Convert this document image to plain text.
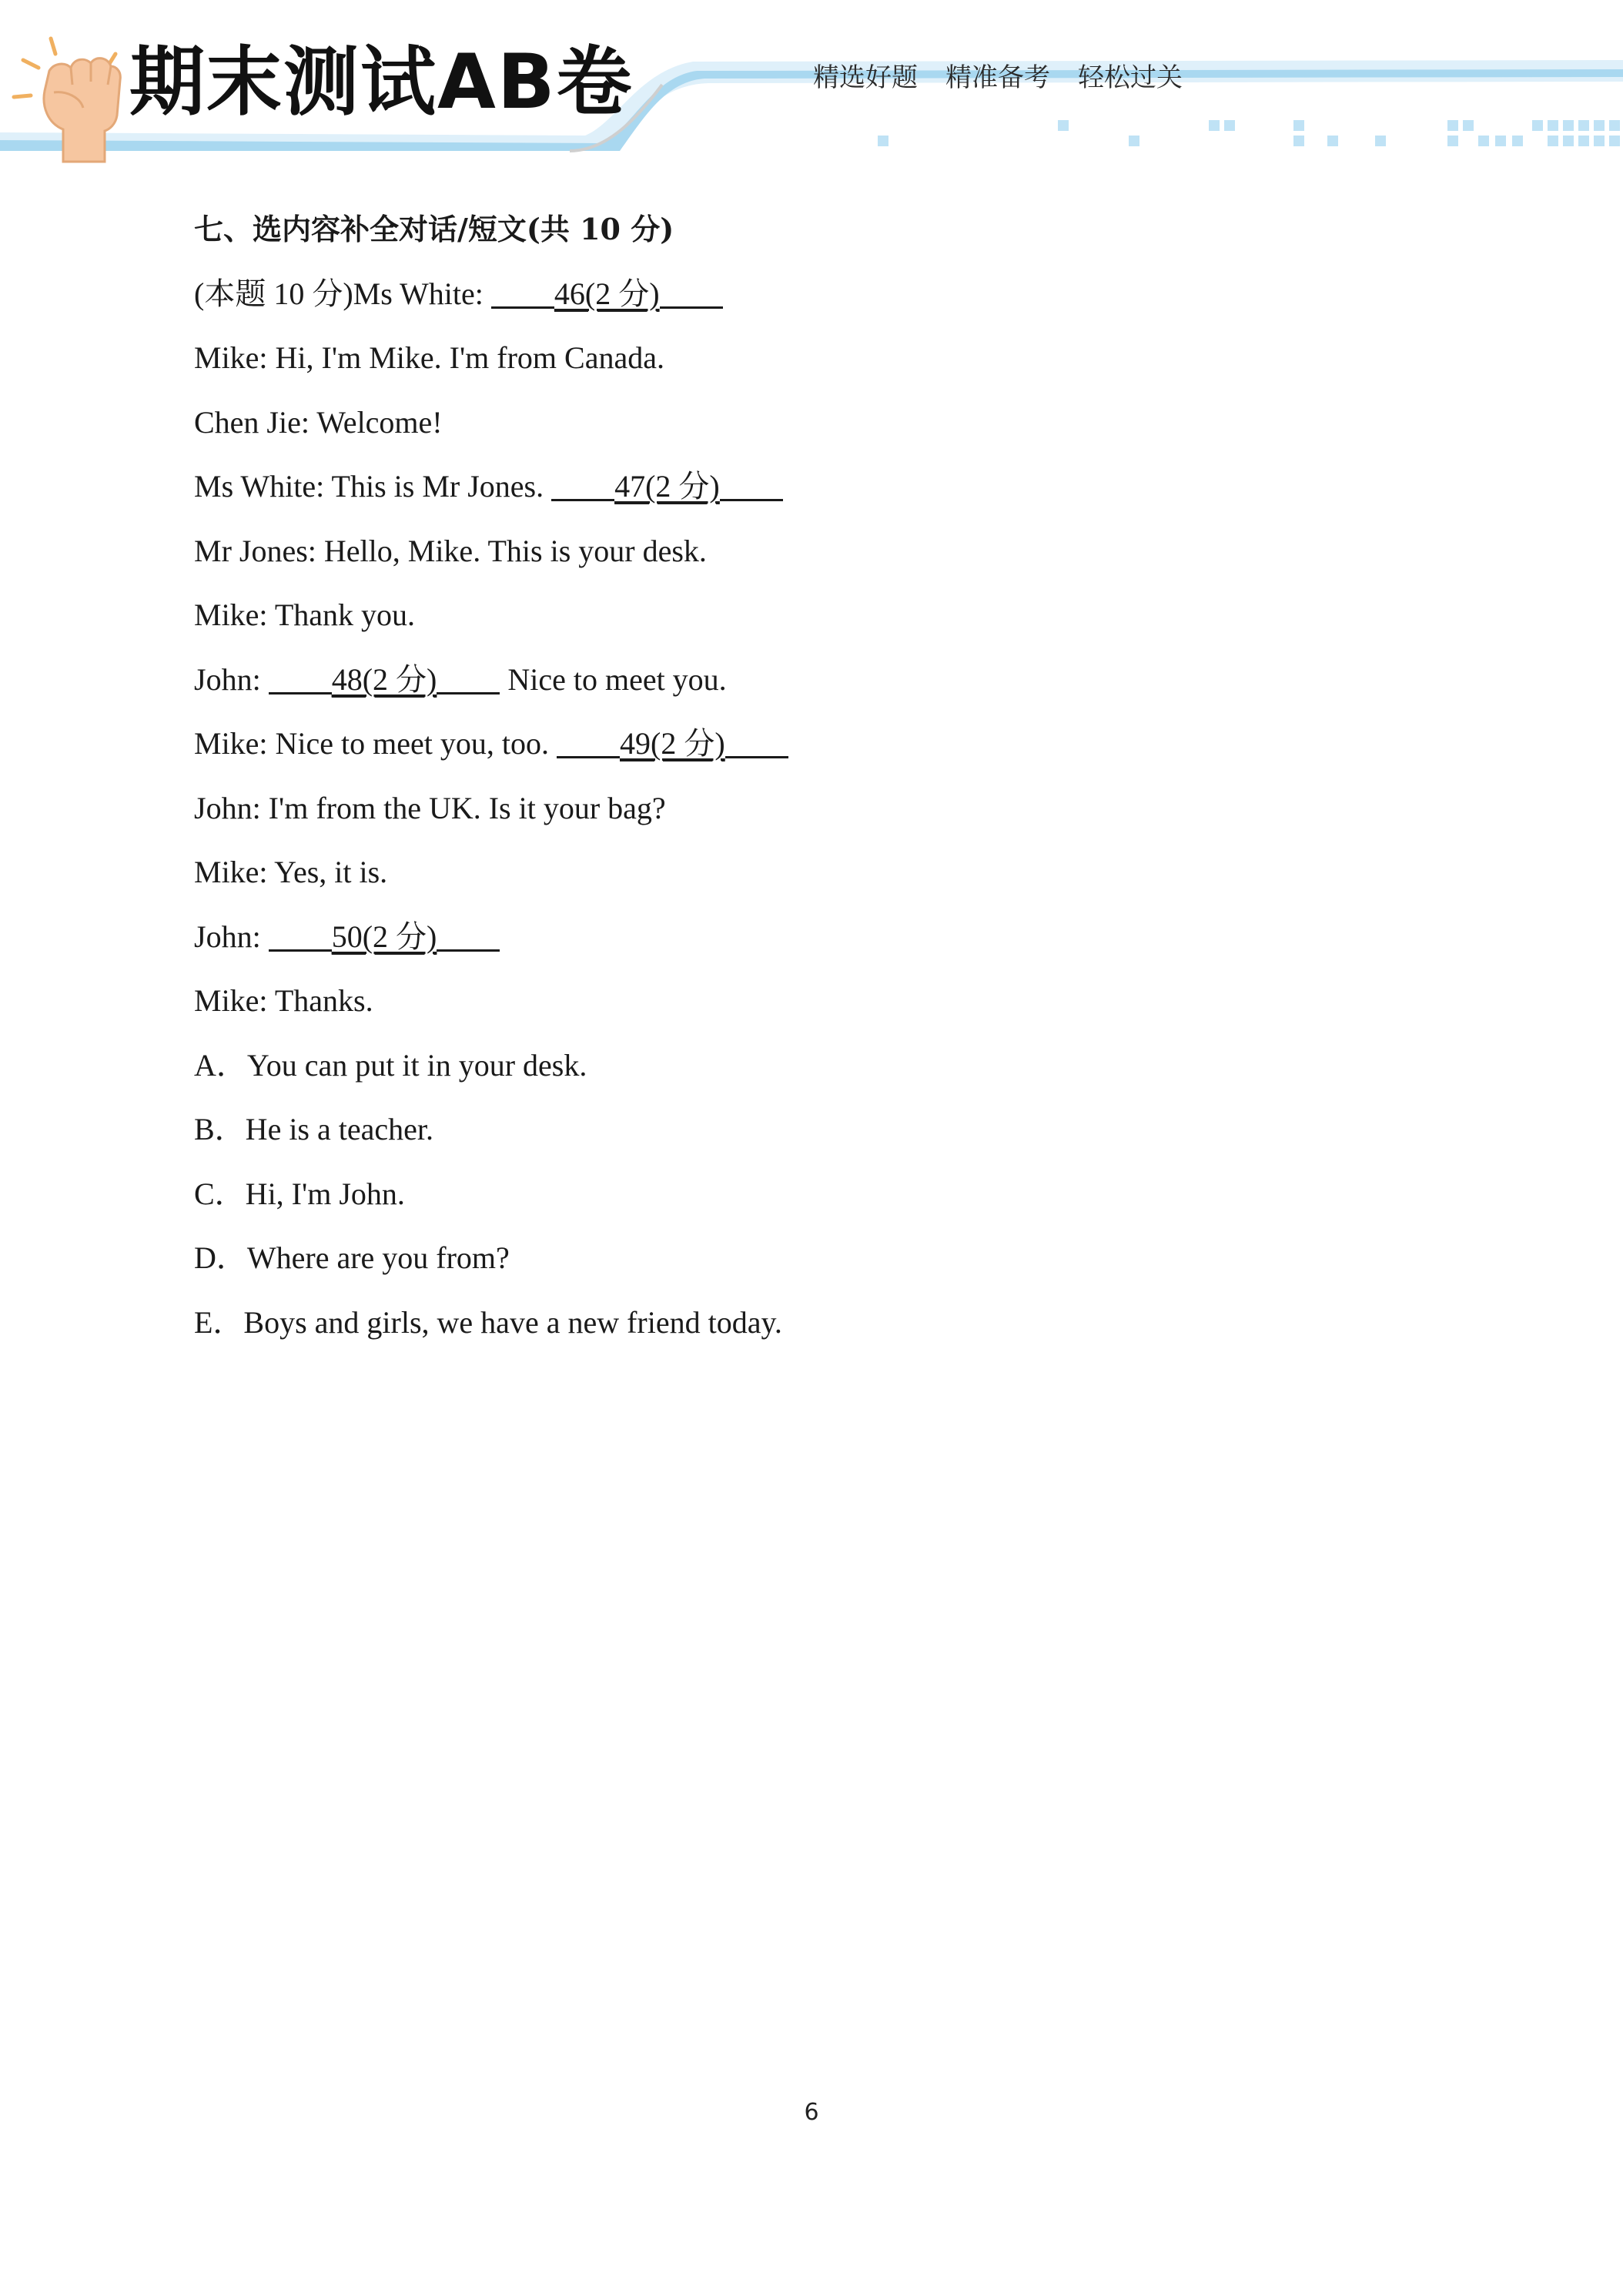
期末测试AB卷	精选好题 精准备考 轻松过关
七、选内容补全对话/短文(共 10 分)
(本题 10 分)Ms White: 46(2 分)
Mike: Hi, I'm Mike. I'm from Canada.
Chen Jie: Welcome!
Ms White: This is Mr Jones. 47(2 分)
Mr Jones: Hello, Mike. This is your desk.
Mike: Thank you.
John: 48(2 分) Nice to meet you.
Mike: Nice to meet you, too. 49(2 分)
John: I'm from the UK. Is it your bag?
Mike: Yes, it is.
John: 50(2 分)
Mike: Thanks.
A．You can put it in your desk.
B．He is a teacher.
C．Hi, I'm John.
D．Where are you from?
E．Boys and girls, we have a new friend today.
6
